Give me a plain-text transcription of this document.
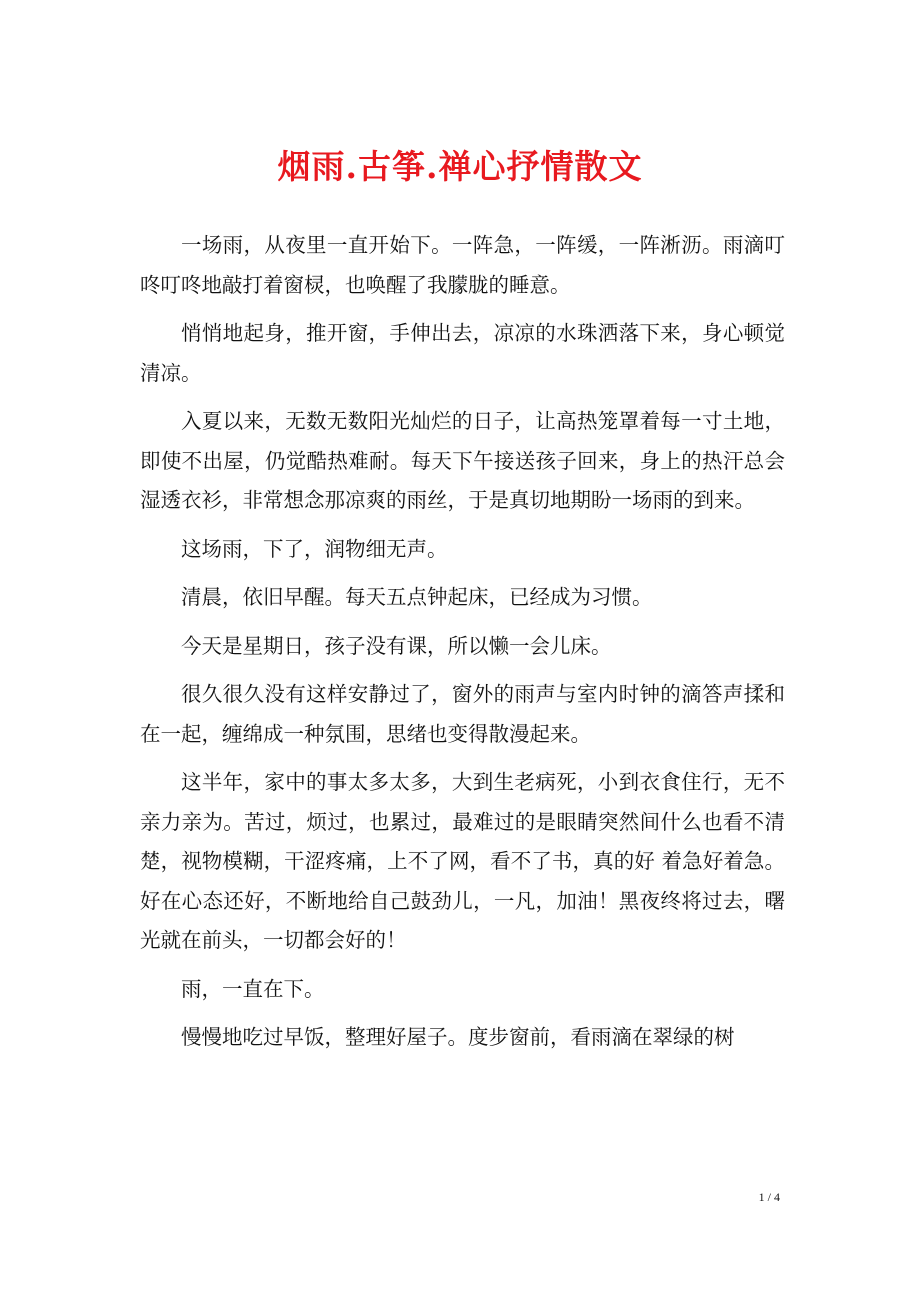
烟雨.古筝.禅心抒情散文

一场雨，从夜里一直开始下。一阵急，一阵缓，一阵淅沥。雨滴叮咚叮咚地敲打着窗棂，也唤醒了我朦胧的睡意。

悄悄地起身，推开窗，手伸出去，凉凉的水珠洒落下来，身心顿觉清凉。

入夏以来，无数无数阳光灿烂的日子，让高热笼罩着每一寸土地，即使不出屋，仍觉酷热难耐。每天下午接送孩子回来，身上的热汗总会湿透衣衫，非常想念那凉爽的雨丝，于是真切地期盼一场雨的到来。

这场雨，下了，润物细无声。

清晨，依旧早醒。每天五点钟起床，已经成为习惯。

今天是星期日，孩子没有课，所以懒一会儿床。

很久很久没有这样安静过了，窗外的雨声与室内时钟的滴答声揉和在一起，缠绵成一种氛围，思绪也变得散漫起来。

这半年，家中的事太多太多，大到生老病死，小到衣食住行，无不亲力亲为。苦过，烦过，也累过，最难过的是眼睛突然间什么也看不清楚，视物模糊，干涩疼痛，上不了网，看不了书，真的好 着急好着急。好在心态还好，不断地给自己鼓劲儿，一凡，加油！黑夜终将过去，曙光就在前头，一切都会好的！

雨，一直在下。

慢慢地吃过早饭，整理好屋子。度步窗前，看雨滴在翠绿的树

1 / 4
